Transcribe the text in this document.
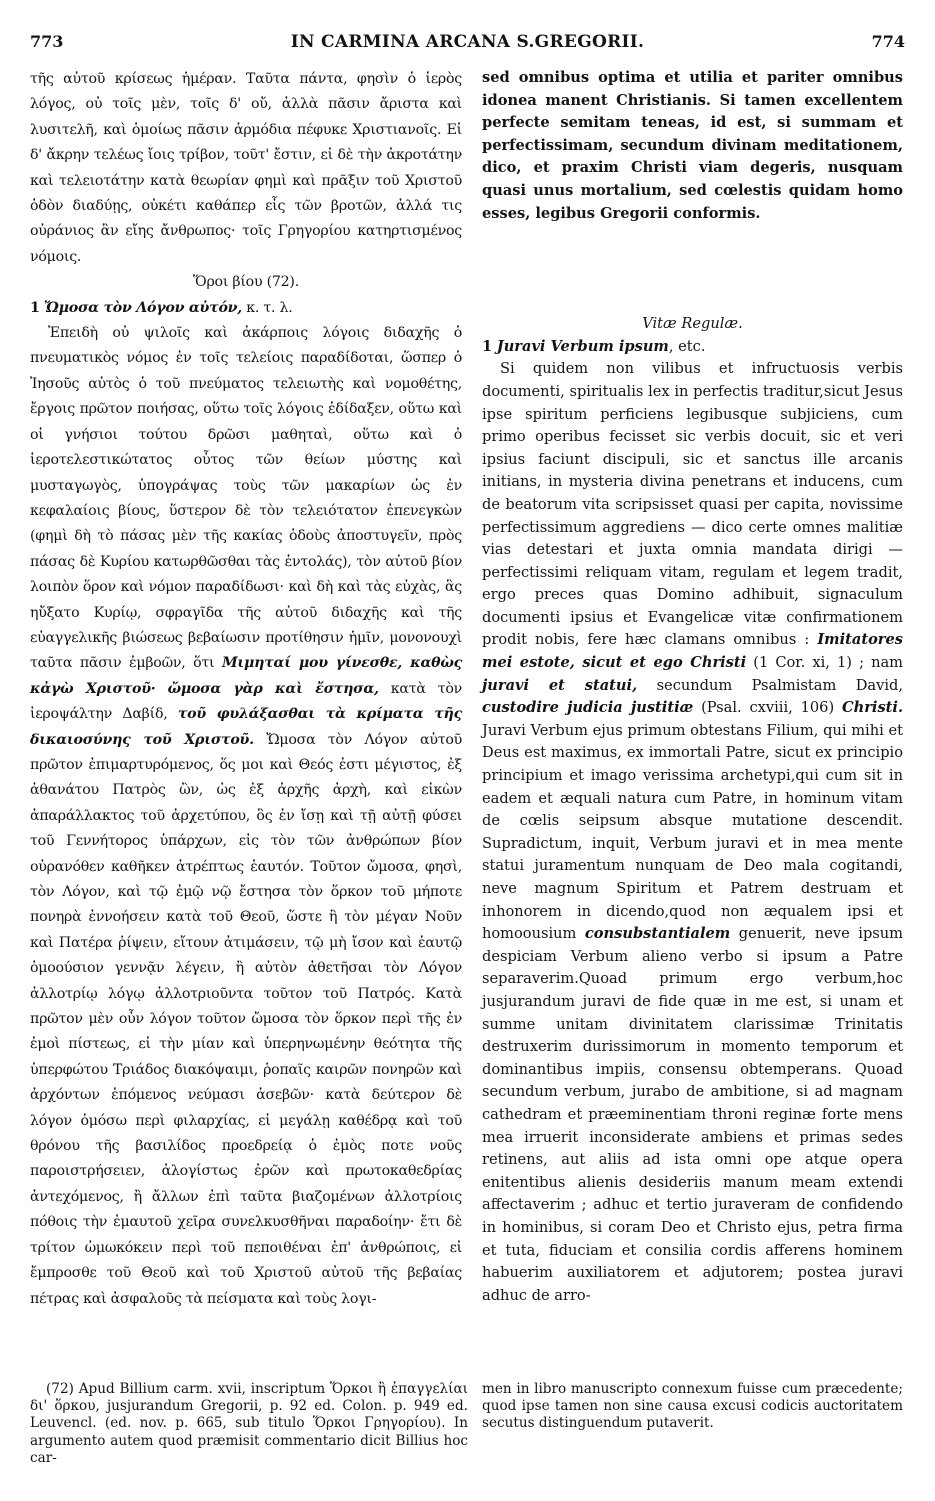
773	IN CARMINA ARCANA S.GREGORII.	774

τῆς αὐτοῦ κρίσεως ἡμέραν. Ταῦτα πάντα, φησὶν ὁ ἱερὸς λόγος, οὐ τοῖς μὲν, τοῖς δ' οὔ, ἀλλὰ πᾶσιν ἄριστα καὶ λυσιτελῆ, καὶ ὁμοίως πᾶσιν ἁρμόδια πέφυκε Χριστιανοῖς. Εἰ δ' ἄκρην τελέως ἴοις τρίβον, τοῦτ' ἔστιν, εἰ δὲ τὴν ἀκροτάτην καὶ τελειοτάτην κατὰ θεωρίαν φημὶ καὶ πρᾶξιν τοῦ Χριστοῦ ὁδὸν διαδύῃς, οὐκέτι καθάπερ εἷς τῶν βροτῶν, ἀλλά τις οὐράνιος ἂν εἴης ἄνθρωπος· τοῖς Γρηγορίου κατηρτισμένος νόμοις.

Ὅροι βίου (72).

1 Ὤμοσα τὸν Λόγον αὐτόν, κ. τ. λ.

Ἐπειδὴ οὐ ψιλοῖς καὶ ἀκάρποις λόγοις διδαχῆς ὁ πνευματικὸς νόμος ἐν τοῖς τελείοις παραδίδοται, ὥσπερ ὁ Ἰησοῦς αὐτὸς ὁ τοῦ πνεύματος τελειωτὴς καὶ νομοθέτης, ἔργοις πρῶτον ποιήσας, οὕτω τοῖς λόγοις ἐδίδαξεν, οὕτω καὶ οἱ γνήσιοι τούτου δρῶσι μαθηταὶ, οὕτω καὶ ὁ ἱεροτελεστικώτατος οὗτος τῶν θείων μύστης καὶ μυσταγωγὸς, ὑπογράψας τοὺς τῶν μακαρίων ὡς ἐν κεφαλαίοις βίους, ὕστερον δὲ τὸν τελειότατον ἐπενεγκὼν (φημὶ δὴ τὸ πάσας μὲν τῆς κακίας ὁδοὺς ἀποστυγεῖν, πρὸς πάσας δὲ Κυρίου κατωρθῶσθαι τὰς ἐντολάς), τὸν αὐτοῦ βίον λοιπὸν ὅρον καὶ νόμον παραδίδωσι· καὶ δὴ καὶ τὰς εὐχὰς, ἃς ηὔξατο Κυρίῳ, σφραγῖδα τῆς αὐτοῦ διδαχῆς καὶ τῆς εὐαγγελικῆς βιώσεως βεβαίωσιν προτίθησιν ἡμῖν, μονονουχὶ ταῦτα πᾶσιν ἐμβοῶν, ὅτι Μιμηταί μου γίνεσθε, καθὼς κἀγὼ Χριστοῦ· ὤμοσα γὰρ καὶ ἔστησα, κατὰ τὸν ἱεροψάλτην Δαβίδ, τοῦ φυλάξασθαι τὰ κρίματα τῆς δικαιοσύνης τοῦ Χριστοῦ. Ὤμοσα τὸν Λόγον αὐτοῦ πρῶτον ἐπιμαρτυρόμενος, ὅς μοι καὶ Θεός ἐστι μέγιστος, ἐξ ἀθανάτου Πατρὸς ὢν, ὡς ἐξ ἀρχῆς ἀρχὴ, καὶ εἰκὼν ἀπαράλλακτος τοῦ ἀρχετύπου, ὃς ἐν ἴσῃ καὶ τῇ αὐτῇ φύσει τοῦ Γεννήτορος ὑπάρχων, εἰς τὸν τῶν ἀνθρώπων βίον οὐρανόθεν καθῆκεν ἀτρέπτως ἑαυτόν. Τοῦτον ὤμοσα, φησὶ, τὸν Λόγον, καὶ τῷ ἐμῷ νῷ ἔστησα τὸν ὅρκον τοῦ μήποτε πονηρὰ ἐννοήσειν κατὰ τοῦ Θεοῦ, ὥστε ἢ τὸν μέγαν Νοῦν καὶ Πατέρα ῥίψειν, εἴτουν ἀτιμάσειν, τῷ μὴ ἴσον καὶ ἑαυτῷ ὁμοούσιον γεννᾷν λέγειν, ἢ αὐτὸν ἀθετῆσαι τὸν Λόγον ἀλλοτρίῳ λόγῳ ἀλλοτριοῦντα τοῦτον τοῦ Πατρός. Κατὰ πρῶτον μὲν οὖν λόγον τοῦτον ὤμοσα τὸν ὅρκον περὶ τῆς ἐν ἐμοὶ πίστεως, εἰ τὴν μίαν καὶ ὑπερηνωμένην θεότητα τῆς ὑπερφώτου Τριάδος διακόψαιμι, ῥοπαῖς καιρῶν πονηρῶν καὶ ἀρχόντων ἑπόμενος νεύμασι ἀσεβῶν· κατὰ δεύτερον δὲ λόγον ὀμόσω περὶ φιλαρχίας, εἰ μεγάλῃ καθέδρᾳ καὶ τοῦ θρόνου τῆς βασιλίδος προεδρείᾳ ὁ ἐμὸς ποτε νοῦς παροιστρήσειεν, ἀλογίστως ἐρῶν καὶ πρωτοκαθεδρίας ἀντεχόμενος, ἢ ἄλλων ἐπὶ ταῦτα βιαζομένων ἀλλοτρίοις πόθοις τὴν ἐμαυτοῦ χεῖρα συνελκυσθῆναι παραδοίην· ἔτι δὲ τρίτον ὠμωκόκειν περὶ τοῦ πεποιθέναι ἐπ' ἀνθρώποις, εἰ ἔμπροσθε τοῦ Θεοῦ καὶ τοῦ Χριστοῦ αὐτοῦ τῆς βεβαίας πέτρας καὶ ἀσφαλοῦς τὰ πείσματα καὶ τοὺς λογι-

sed omnibus optima et utilia et pariter omnibus idonea manent Christianis. Si tamen excellentem perfecte semitam teneas, id est, si summam et perfectissimam, secundum divinam meditationem, dico, et praxim Christi viam degeris, nusquam quasi unus mortalium, sed cœlestis quidam homo esses, legibus Gregorii conformis.

Vitæ Regulæ.

1 Juravi Verbum ipsum, etc.

Si quidem non vilibus et infructuosis verbis documenti, spiritualis lex in perfectis traditur,sicut Jesus ipse spiritum perficiens legibusque subjiciens, cum primo operibus fecisset sic verbis docuit, sic et veri ipsius faciunt discipuli, sic et sanctus ille arcanis initians, in mysteria divina penetrans et inducens, cum de beatorum vita scripsisset quasi per capita, novissime perfectissimum aggrediens — dico certe omnes malitiæ vias detestari et juxta omnia mandata dirigi — perfectissimi reliquam vitam, regulam et legem tradit, ergo preces quas Domino adhibuit, signaculum documenti ipsius et Evangelicæ vitæ confirmationem prodit nobis, fere hæc clamans omnibus : Imitatores mei estote, sicut et ego Christi (1 Cor. xi, 1) ; nam juravi et statui, secundum Psalmistam David, custodire judicia justitiæ (Psal. cxviii, 106) Christi. Juravi Verbum ejus primum obtestans Filium, qui mihi et Deus est maximus, ex immortali Patre, sicut ex principio principium et imago verissima archetypi,qui cum sit in eadem et æquali natura cum Patre, in hominum vitam de cœlis seipsum absque mutatione descendit. Supradictum, inquit, Verbum juravi et in mea mente statui juramentum nunquam de Deo mala cogitandi, neve magnum Spiritum et Patrem destruam et inhonorem in dicendo,quod non æqualem ipsi et homoousium consubstantialem genuerit, neve ipsum despiciam Verbum alieno verbo si ipsum a Patre separaverim.Quoad primum ergo verbum,hoc jusjurandum juravi de fide quæ in me est, si unam et summe unitam divinitatem clarissimæ Trinitatis destruxerim durissimorum in momento temporum et dominantibus impiis, consensu obtemperans. Quoad secundum verbum, jurabo de ambitione, si ad magnam cathedram et præeminentiam throni reginæ forte mens mea irruerit inconsiderate ambiens et primas sedes retinens, aut aliis ad ista omni ope atque opera enitentibus alienis desideriis manum meam extendi affectaverim ; adhuc et tertio juraveram de confidendo in hominibus, si coram Deo et Christo ejus, petra firma et tuta, fiduciam et consilia cordis afferens hominem habuerim auxiliatorem et adjutorem; postea juravi adhuc de arro-

(72) Apud Billium carm. xvii, inscriptum Ὅρκοι ἢ ἐπαγγελίαι δι' ὅρκου, jusjurandum Gregorii, p. 92 ed. Colon. p. 949 ed. Leuvencl. (ed. nov. p. 665, sub titulo Ὅρκοι Γρηγορίου). In argumento autem quod præmisit commentario dicit Billius hoc car-

men in libro manuscripto connexum fuisse cum præcedente; quod ipse tamen non sine causa excusi codicis auctoritatem secutus distinguendum putaverit.
